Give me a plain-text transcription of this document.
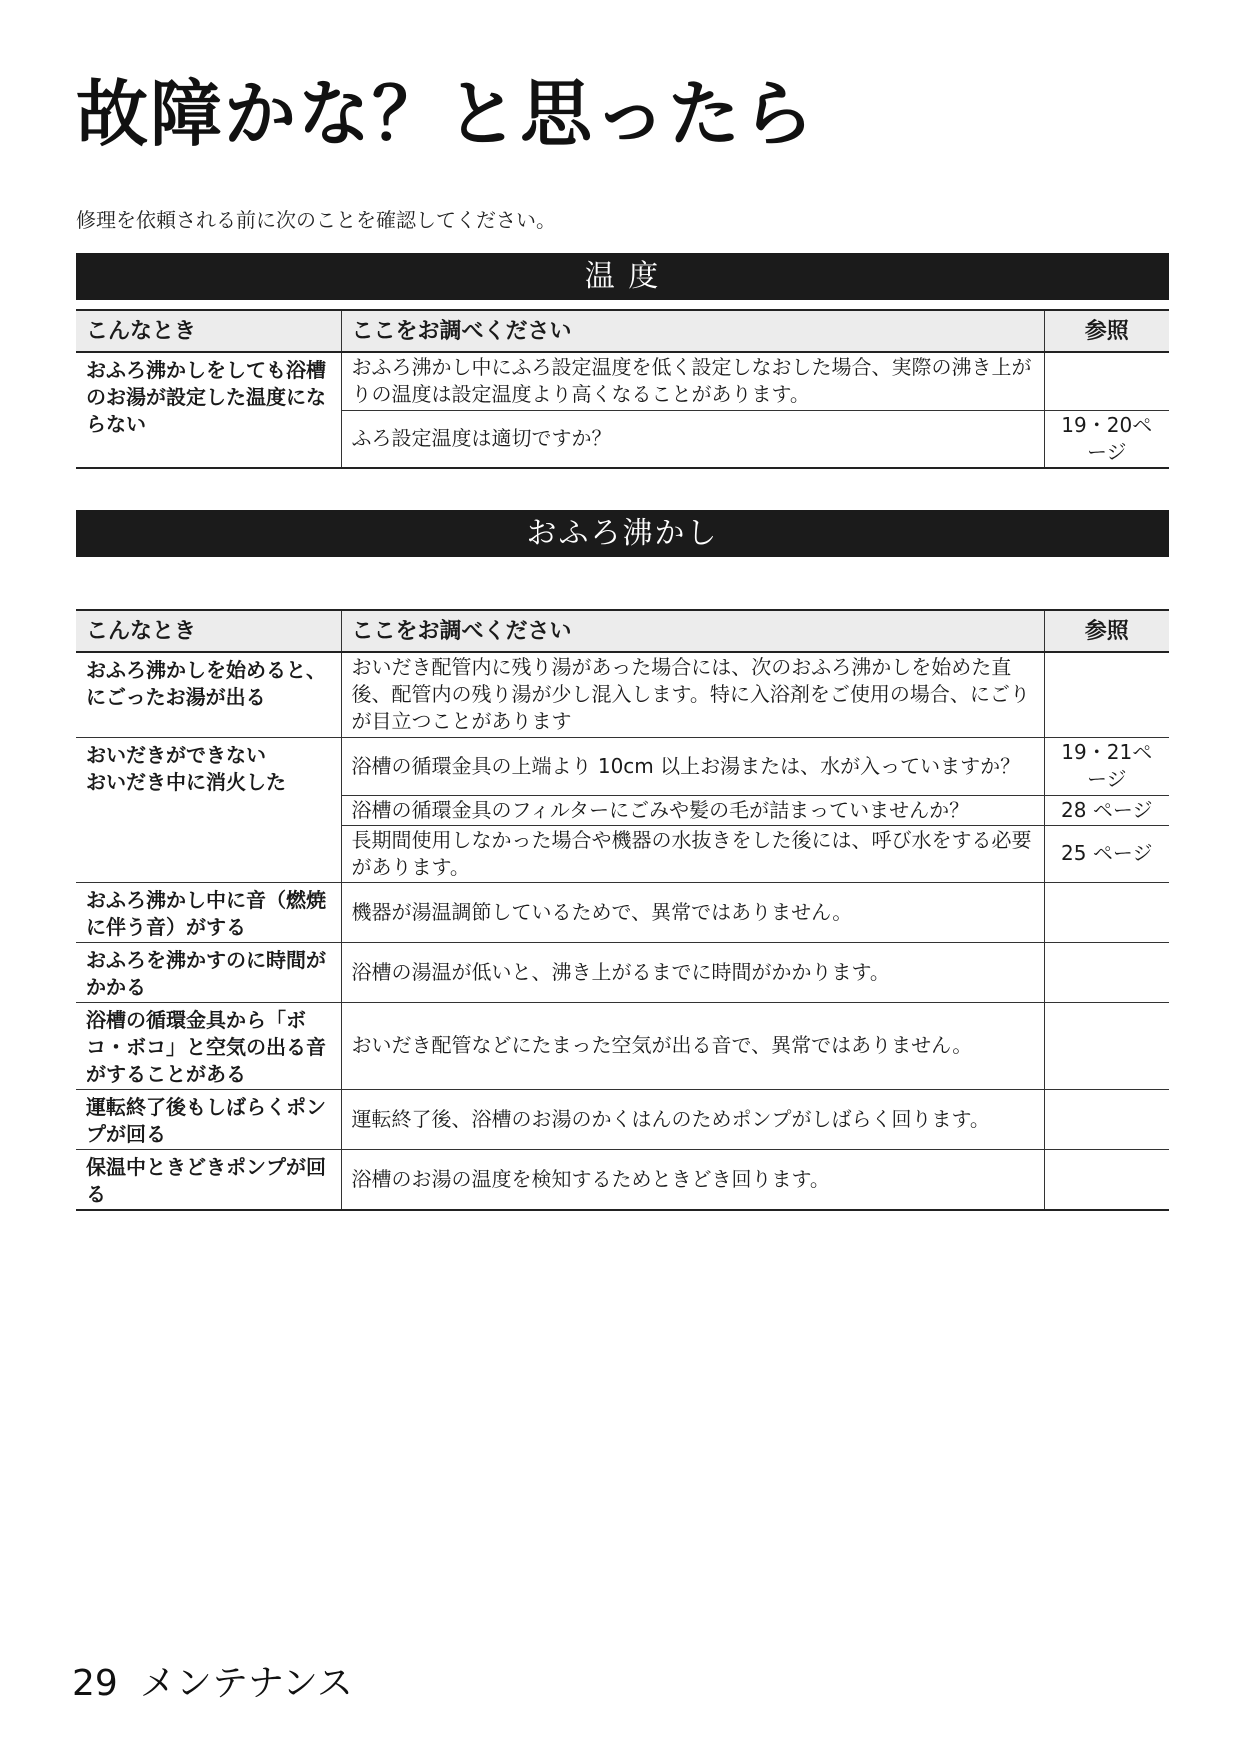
故障かな？と思ったら
修理を依頼される前に次のことを確認してください。
温 度
こんなとき	ここをお調べください	参照
おふろ沸かしをしても浴槽のお湯が設定した温度にならない	おふろ沸かし中にふろ設定温度を低く設定しなおした場合、実際の沸き上がりの温度は設定温度より高くなることがあります。	
	ふろ設定温度は適切ですか？	19・20ページ
おふろ沸かし
こんなとき	ここをお調べください	参照
おふろ沸かしを始めると、にごったお湯が出る	おいだき配管内に残り湯があった場合には、次のおふろ沸かしを始めた直後、配管内の残り湯が少し混入します。特に入浴剤をご使用の場合、にごりが目立つことがあります	
おいだきができない
おいだき中に消火した	浴槽の循環金具の上端より 10cm 以上お湯または、水が入っていますか？	19・21ページ
	浴槽の循環金具のフィルターにごみや髪の毛が詰まっていませんか？	28 ページ
	長期間使用しなかった場合や機器の水抜きをした後には、呼び水をする必要があります。	25 ページ
おふろ沸かし中に音（燃焼に伴う音）がする	機器が湯温調節しているためで、異常ではありません。	
おふろを沸かすのに時間がかかる	浴槽の湯温が低いと、沸き上がるまでに時間がかかります。	
浴槽の循環金具から「ボコ・ボコ」と空気の出る音がすることがある	おいだき配管などにたまった空気が出る音で、異常ではありません。	
運転終了後もしばらくポンプが回る	運転終了後、浴槽のお湯のかくはんのためポンプがしばらく回ります。	
保温中ときどきポンプが回る	浴槽のお湯の温度を検知するためときどき回ります。	
29 メンテナンス
